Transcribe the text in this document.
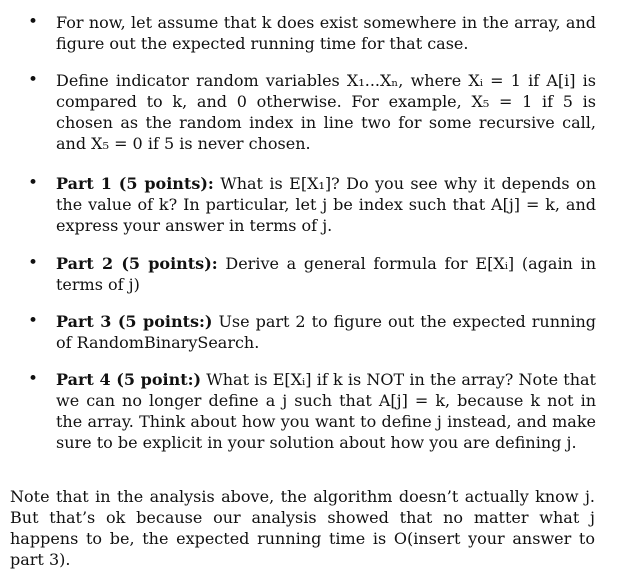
•	For now, let assume that k does exist somewhere in the array, and figure out the expected running time for that case.
•	Define indicator random variables X₁...Xₙ, where Xᵢ = 1 if A[i] is compared to k, and 0 otherwise. For example, X₅ = 1 if 5 is chosen as the random index in line two for some recursive call, and X₅ = 0 if 5 is never chosen.
•	Part 1 (5 points): What is E[X₁]? Do you see why it depends on the value of k? In particular, let j be index such that A[j] = k, and express your answer in terms of j.
•	Part 2 (5 points): Derive a general formula for E[Xᵢ] (again in terms of j)
•	Part 3 (5 points:) Use part 2 to figure out the expected running of RandomBinarySearch.
•	Part 4 (5 point:) What is E[Xᵢ] if k is NOT in the array? Note that we can no longer define a j such that A[j] = k, because k not in the array. Think about how you want to define j instead, and make sure to be explicit in your solution about how you are defining j.

Note that in the analysis above, the algorithm doesn’t actually know j. But that’s ok because our analysis showed that no matter what j happens to be, the expected running time is O(insert your answer to part 3).
